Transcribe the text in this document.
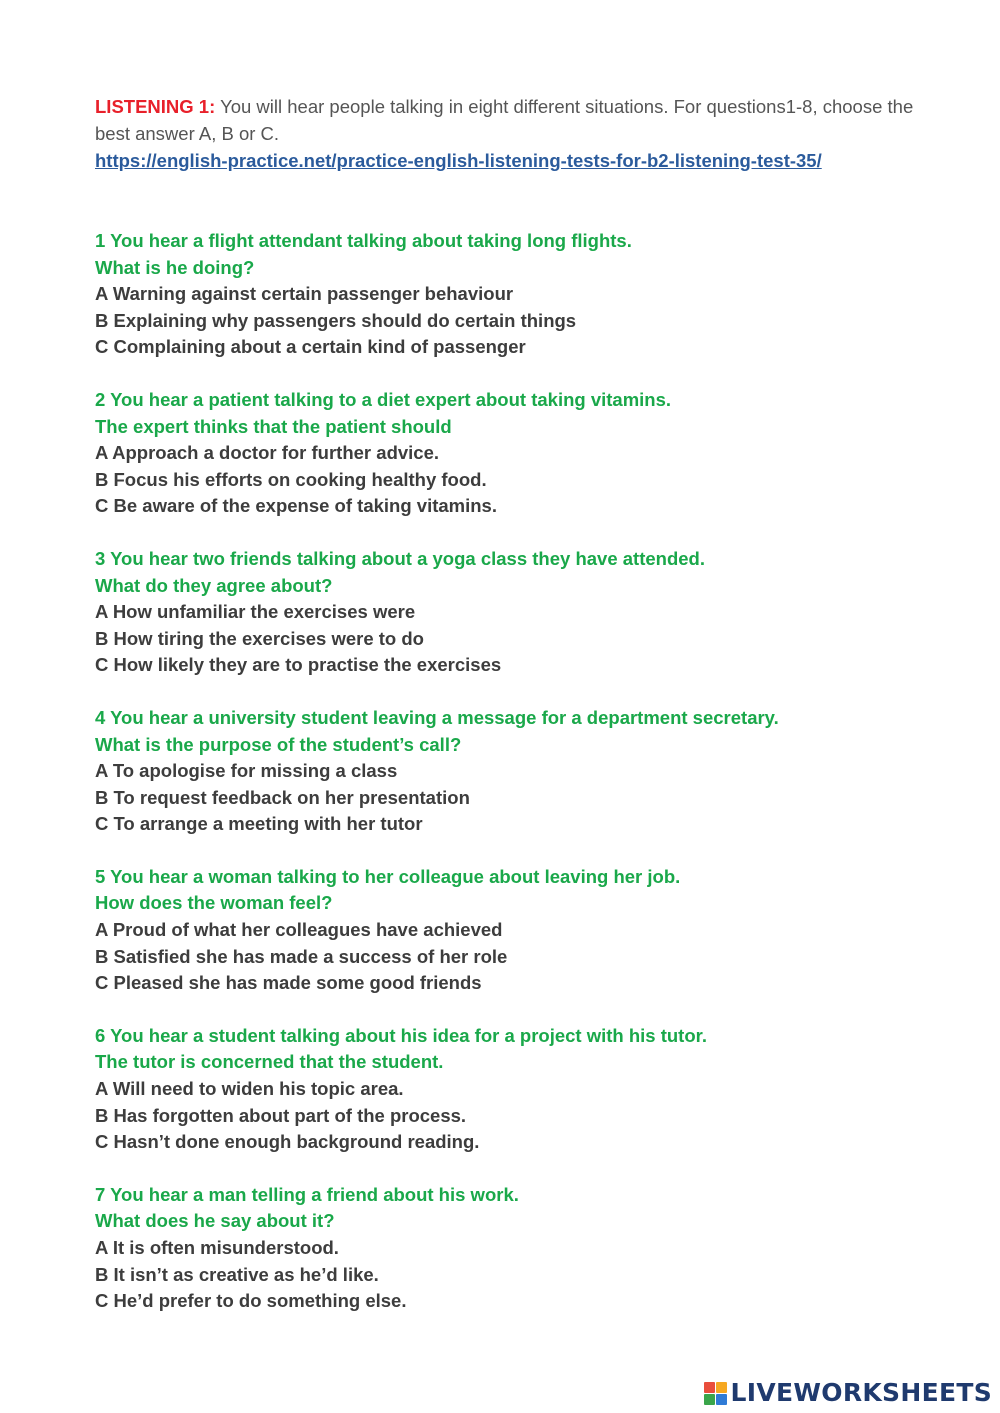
LISTENING 1: You will hear people talking in eight different situations. For questions1-8, choose the best answer A, B or C.
https://english-practice.net/practice-english-listening-tests-for-b2-listening-test-35/
1 You hear a flight attendant talking about taking long flights.
What is he doing?
A Warning against certain passenger behaviour
B Explaining why passengers should do certain things
C Complaining about a certain kind of passenger
2 You hear a patient talking to a diet expert about taking vitamins.
The expert thinks that the patient should
A Approach a doctor for further advice.
B Focus his efforts on cooking healthy food.
C Be aware of the expense of taking vitamins.
3 You hear two friends talking about a yoga class they have attended.
What do they agree about?
A How unfamiliar the exercises were
B How tiring the exercises were to do
C How likely they are to practise the exercises
4 You hear a university student leaving a message for a department secretary.
What is the purpose of the student’s call?
A To apologise for missing a class
B To request feedback on her presentation
C To arrange a meeting with her tutor
5 You hear a woman talking to her colleague about leaving her job.
How does the woman feel?
A Proud of what her colleagues have achieved
B Satisfied she has made a success of her role
C Pleased she has made some good friends
6 You hear a student talking about his idea for a project with his tutor.
The tutor is concerned that the student.
A Will need to widen his topic area.
B Has forgotten about part of the process.
C Hasn’t done enough background reading.
7 You hear a man telling a friend about his work.
What does he say about it?
A It is often misunderstood.
B It isn’t as creative as he’d like.
C He’d prefer to do something else.
LIVEWORKSHEETS
